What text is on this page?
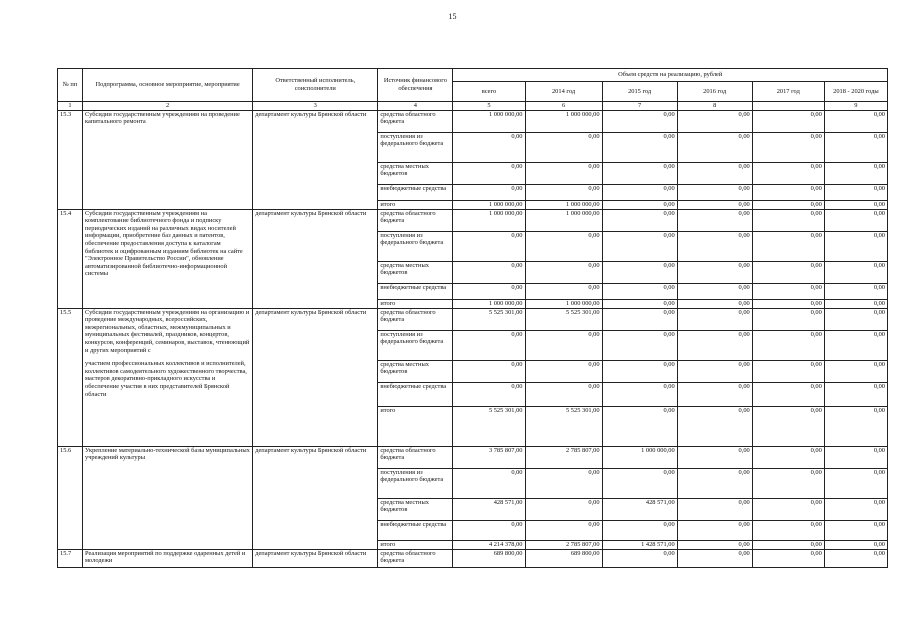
15
№ пп	Подпрограмма, основное мероприятие, мероприятие	Ответственный исполнитель, соисполнители	Источник финансового обеспечения	Объем средств на реализацию, рублей					
				всего	2014 год	2015 год	2016 год	2017 год	2018 - 2020 годы
1	2	3	4	5	6	7	8		9
15.3	Субсидии государственным учреждениям на проведение капитального ремонта	департамент культуры Брянской области	средства областного бюджета	1 000 000,00	1 000 000,00	0,00	0,00	0,00	0,00
			поступления из федерального бюджета	0,00	0,00	0,00	0,00	0,00	0,00
			средства местных бюджетов	0,00	0,00	0,00	0,00	0,00	0,00
			внебюджетные средства	0,00	0,00	0,00	0,00	0,00	0,00
			итого	1 000 000,00	1 000 000,00	0,00	0,00	0,00	0,00
15.4	Субсидии государственным учреждениям на комплектование библиотечного фонда и подписку периодических изданий на различных видах носителей информации, приобретение баз данных и патентов, обеспечение предоставления доступа к каталогам библиотек и оцифрованным изданиям библиотек на сайте "Электронное Правительство России", обновление автоматизированной библиотечно-информационной системы	департамент культуры Брянской области	средства областного бюджета	1 000 000,00	1 000 000,00	0,00	0,00	0,00	0,00
			поступления из федерального бюджета	0,00	0,00	0,00	0,00	0,00	0,00
			средства местных бюджетов	0,00	0,00	0,00	0,00	0,00	0,00
			внебюджетные средства	0,00	0,00	0,00	0,00	0,00	0,00
			итого	1 000 000,00	1 000 000,00	0,00	0,00	0,00	0,00
15.5	Субсидии государственным учреждениям на организацию и проведение международных, всероссийских, межрегиональных, областных, межмуниципальных и муниципальных фестивалей, праздников, концертов, конкурсов, конференций, семинаров, выставок, чтенюющий и других мероприятий с
участием профессиональных коллективов и исполнителей, коллективов самодеятельного художественного творчества, мастеров декоративно-прикладного искусства и обеспечение участия в них представителей Брянской области	департамент культуры Брянской области	средства областного бюджета	5 525 301,00	5 525 301,00	0,00	0,00	0,00	0,00
			поступления из федерального бюджета	0,00	0,00	0,00	0,00	0,00	0,00
			средства местных бюджетов	0,00	0,00	0,00	0,00	0,00	0,00
			внебюджетные средства	0,00	0,00	0,00	0,00	0,00	0,00
			итого	5 525 301,00	5 525 301,00	0,00	0,00	0,00	0,00
15.6	Укрепление материально-технической базы муниципальных учреждений культуры	департамент культуры Брянской области	средства областного бюджета	3 785 807,00	2 785 807,00	1 000 000,00	0,00	0,00	0,00
			поступления из федерального бюджета	0,00	0,00	0,00	0,00	0,00	0,00
			средства местных бюджетов	428 571,00	0,00	428 571,00	0,00	0,00	0,00
			внебюджетные средства	0,00	0,00	0,00	0,00	0,00	0,00
			итого	4 214 378,00	2 785 807,00	1 428 571,00	0,00	0,00	0,00
15.7	Реализация мероприятий по поддержке одаренных детей и молодежи	департамент культуры Брянской области	средства областного бюджета	689 800,00	689 800,00	0,00	0,00	0,00	0,00
